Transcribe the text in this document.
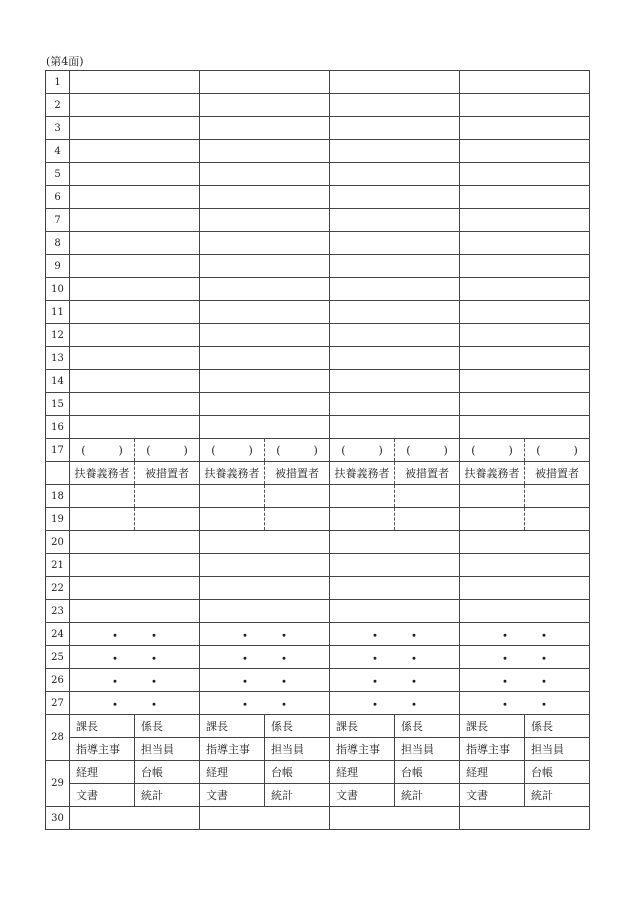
(第4面)
1								
2								
3								
4								
5								
6								
7								
8								
9								
10								
11								
12								
13								
14								
15								
16								
17	(　　　)	(　　　)	(　　　)	(　　　)	(　　　)	(　　　)	(　　　)	(　　　)
	扶養義務者	被措置者	扶養義務者	被措置者	扶養義務者	被措置者	扶養義務者	被措置者
18								
19								
20								
21								
22								
23								
24	・ ・		・ ・		・ ・		・ ・	
25	・ ・		・ ・		・ ・		・ ・	
26	・ ・		・ ・		・ ・		・ ・	
27	・ ・		・ ・		・ ・		・ ・	
28	課長	係長	課長	係長	課長	係長	課長	係長
	指導主事	担当員	指導主事	担当員	指導主事	担当員	指導主事	担当員
29	経理	台帳	経理	台帳	経理	台帳	経理	台帳
	文書	統計	文書	統計	文書	統計	文書	統計
30								
